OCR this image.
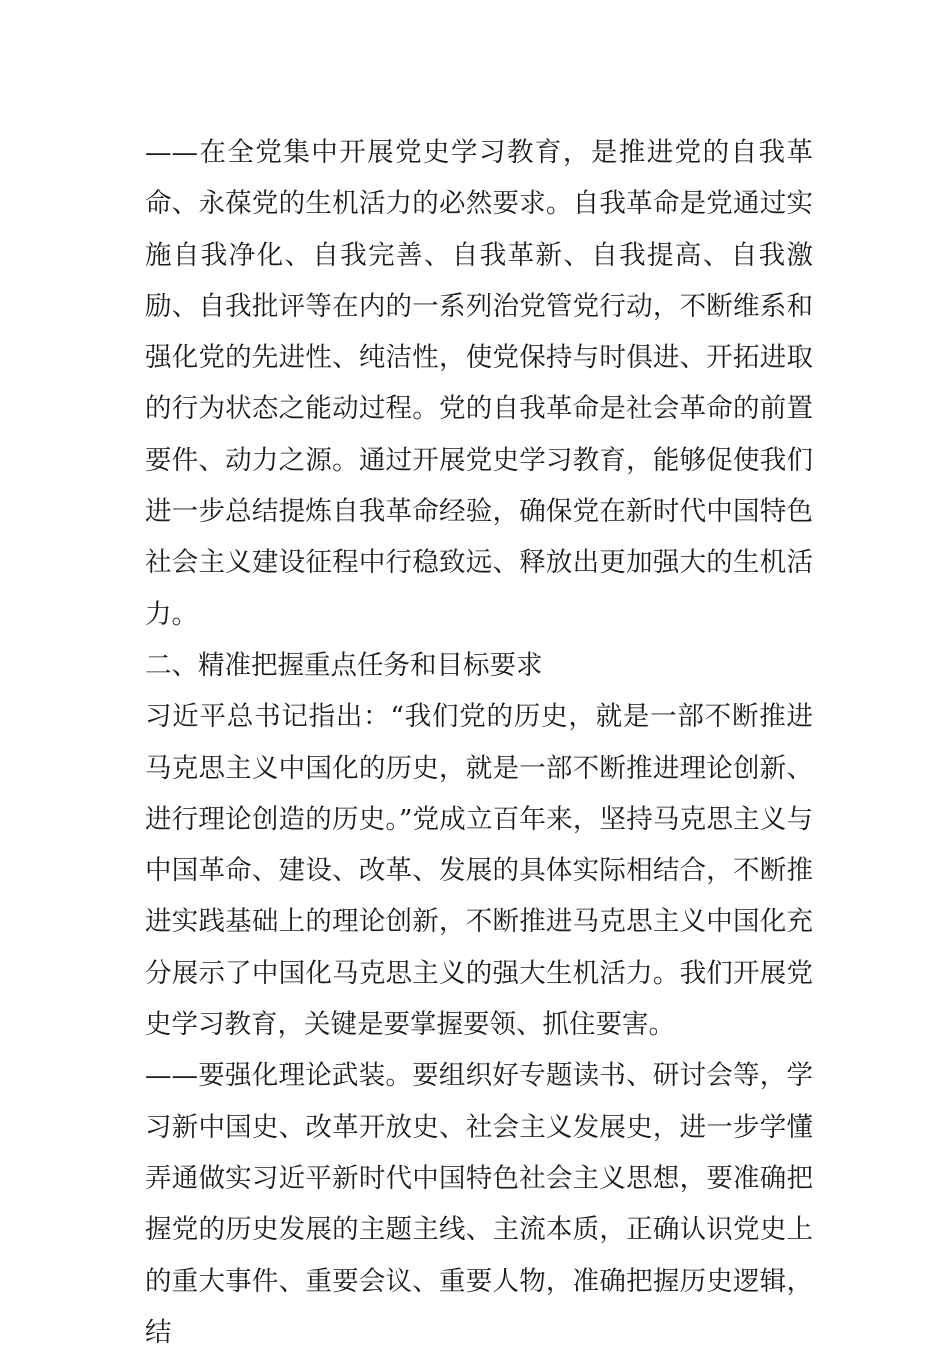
——在全党集中开展党史学习教育，是推进党的自我革命、永葆党的生机活力的必然要求。自我革命是党通过实施自我净化、自我完善、自我革新、自我提高、自我激励、自我批评等在内的一系列治党管党行动，不断维系和强化党的先进性、纯洁性，使党保持与时俱进、开拓进取的行为状态之能动过程。党的自我革命是社会革命的前置要件、动力之源。通过开展党史学习教育，能够促使我们进一步总结提炼自我革命经验，确保党在新时代中国特色社会主义建设征程中行稳致远、释放出更加强大的生机活力。

二、精准把握重点任务和目标要求

习近平总书记指出：“我们党的历史，就是一部不断推进马克思主义中国化的历史，就是一部不断推进理论创新、进行理论创造的历史。”党成立百年来，坚持马克思主义与中国革命、建设、改革、发展的具体实际相结合，不断推进实践基础上的理论创新，不断推进马克思主义中国化充分展示了中国化马克思主义的强大生机活力。我们开展党史学习教育，关键是要掌握要领、抓住要害。

——要强化理论武装。要组织好专题读书、研讨会等，学习新中国史、改革开放史、社会主义发展史，进一步学懂弄通做实习近平新时代中国特色社会主义思想，要准确把握党的历史发展的主题主线、主流本质，正确认识党史上的重大事件、重要会议、重要人物，准确把握历史逻辑，结
